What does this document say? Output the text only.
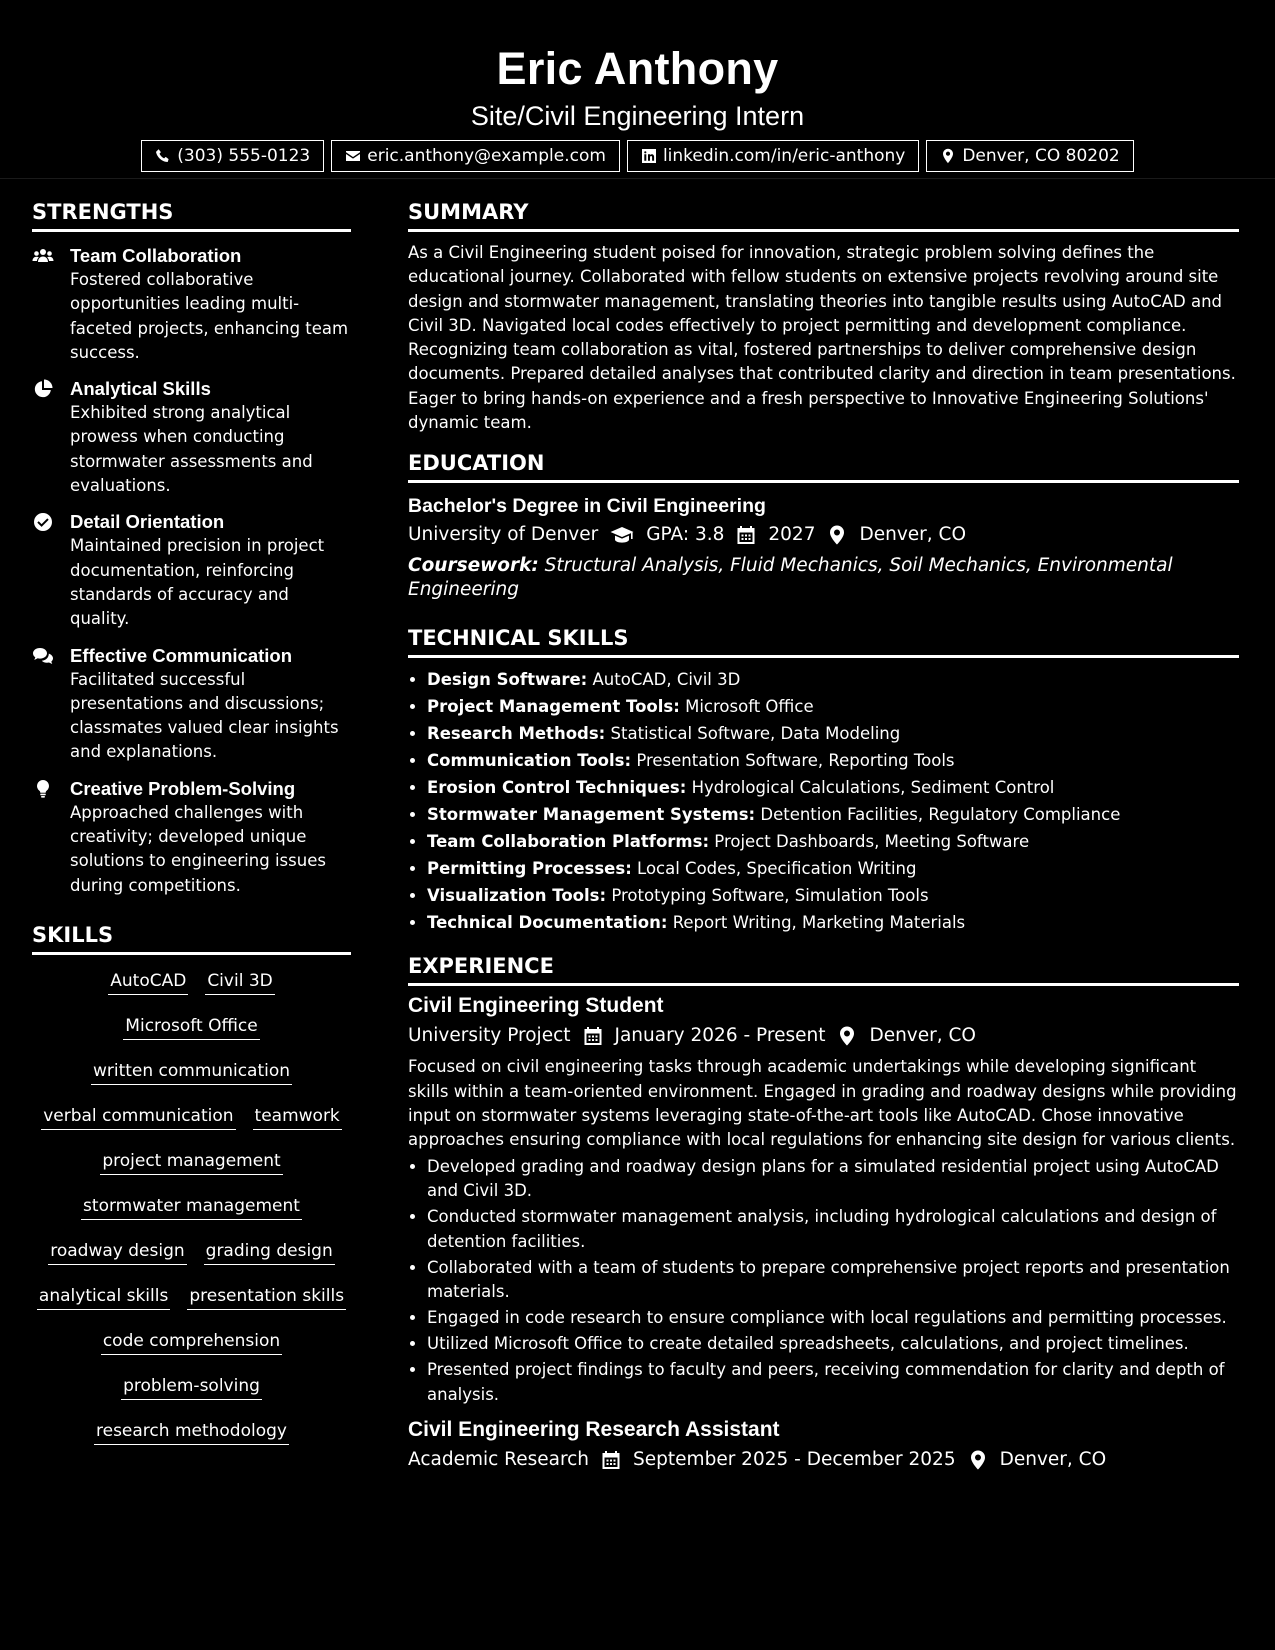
Eric Anthony
Site/Civil Engineering Intern
(303) 555-0123	eric.anthony@example.com	linkedin.com/in/eric-anthony	Denver, CO 80202
STRENGTHS
Team Collaboration
Fostered collaborative opportunities leading multi-faceted projects, enhancing team success.
Analytical Skills
Exhibited strong analytical prowess when conducting stormwater assessments and evaluations.
Detail Orientation
Maintained precision in project documentation, reinforcing standards of accuracy and quality.
Effective Communication
Facilitated successful presentations and discussions; classmates valued clear insights and explanations.
Creative Problem-Solving
Approached challenges with creativity; developed unique solutions to engineering issues during competitions.
SKILLS
AutoCAD Civil 3D
Microsoft Office
written communication
verbal communication teamwork
project management
stormwater management
roadway design grading design
analytical skills presentation skills
code comprehension
problem-solving
research methodology
SUMMARY

As a Civil Engineering student poised for innovation, strategic problem solving defines the educational journey. Collaborated with fellow students on extensive projects revolving around site design and stormwater management, translating theories into tangible results using AutoCAD and Civil 3D. Navigated local codes effectively to project permitting and development compliance. Recognizing team collaboration as vital, fostered partnerships to deliver comprehensive design documents. Prepared detailed analyses that contributed clarity and direction in team presentations. Eager to bring hands-on experience and a fresh perspective to Innovative Engineering Solutions' dynamic team.

EDUCATION
Bachelor's Degree in Civil Engineering
University of Denver	GPA: 3.8 2027 Denver, CO
Coursework: Structural Analysis, Fluid Mechanics, Soil Mechanics, Environmental Engineering
TECHNICAL SKILLS
• Design Software: AutoCAD, Civil 3D
• Project Management Tools: Microsoft Office
• Research Methods: Statistical Software, Data Modeling
• Communication Tools: Presentation Software, Reporting Tools
• Erosion Control Techniques: Hydrological Calculations, Sediment Control
• Stormwater Management Systems: Detention Facilities, Regulatory Compliance
• Team Collaboration Platforms: Project Dashboards, Meeting Software
• Permitting Processes: Local Codes, Specification Writing
• Visualization Tools: Prototyping Software, Simulation Tools
• Technical Documentation: Report Writing, Marketing Materials
EXPERIENCE
Civil Engineering Student
University Project January 2026 - Present Denver, CO

Focused on civil engineering tasks through academic undertakings while developing significant skills within a team-oriented environment. Engaged in grading and roadway designs while providing input on stormwater systems leveraging state-of-the-art tools like AutoCAD. Chose innovative approaches ensuring compliance with local regulations for enhancing site design for various clients.

• Developed grading and roadway design plans for a simulated residential project using AutoCAD and Civil 3D.
• Conducted stormwater management analysis, including hydrological calculations and design of detention facilities.
• Collaborated with a team of students to prepare comprehensive project reports and presentation materials.
• Engaged in code research to ensure compliance with local regulations and permitting processes.
• Utilized Microsoft Office to create detailed spreadsheets, calculations, and project timelines.
• Presented project findings to faculty and peers, receiving commendation for clarity and depth of analysis.
Civil Engineering Research Assistant
Academic Research September 2025 - December 2025 Denver, CO
